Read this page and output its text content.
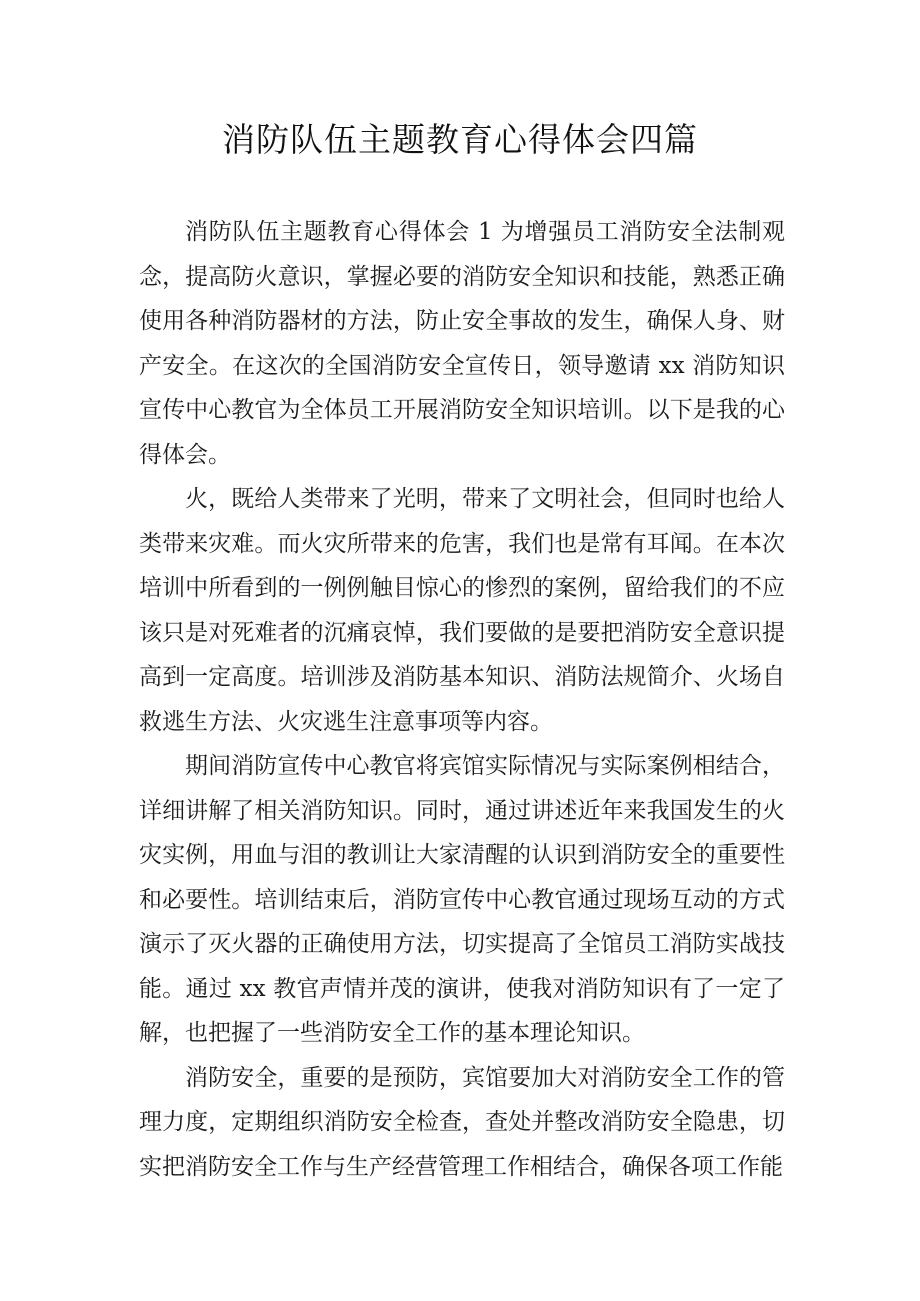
消防队伍主题教育心得体会四篇

消防队伍主题教育心得体会 1 为增强员工消防安全法制观念，提高防火意识，掌握必要的消防安全知识和技能，熟悉正确使用各种消防器材的方法，防止安全事故的发生，确保人身、财产安全。在这次的全国消防安全宣传日，领导邀请 xx 消防知识宣传中心教官为全体员工开展消防安全知识培训。以下是我的心得体会。

火，既给人类带来了光明，带来了文明社会，但同时也给人类带来灾难。而火灾所带来的危害，我们也是常有耳闻。在本次培训中所看到的一例例触目惊心的惨烈的案例，留给我们的不应该只是对死难者的沉痛哀悼，我们要做的是要把消防安全意识提高到一定高度。培训涉及消防基本知识、消防法规简介、火场自救逃生方法、火灾逃生注意事项等内容。

期间消防宣传中心教官将宾馆实际情况与实际案例相结合，详细讲解了相关消防知识。同时，通过讲述近年来我国发生的火灾实例，用血与泪的教训让大家清醒的认识到消防安全的重要性和必要性。培训结束后，消防宣传中心教官通过现场互动的方式演示了灭火器的正确使用方法，切实提高了全馆员工消防实战技能。通过 xx 教官声情并茂的演讲，使我对消防知识有了一定了解，也把握了一些消防安全工作的基本理论知识。

消防安全，重要的是预防，宾馆要加大对消防安全工作的管理力度，定期组织消防安全检查，查处并整改消防安全隐患，切实把消防安全工作与生产经营管理工作相结合，确保各项工作能
